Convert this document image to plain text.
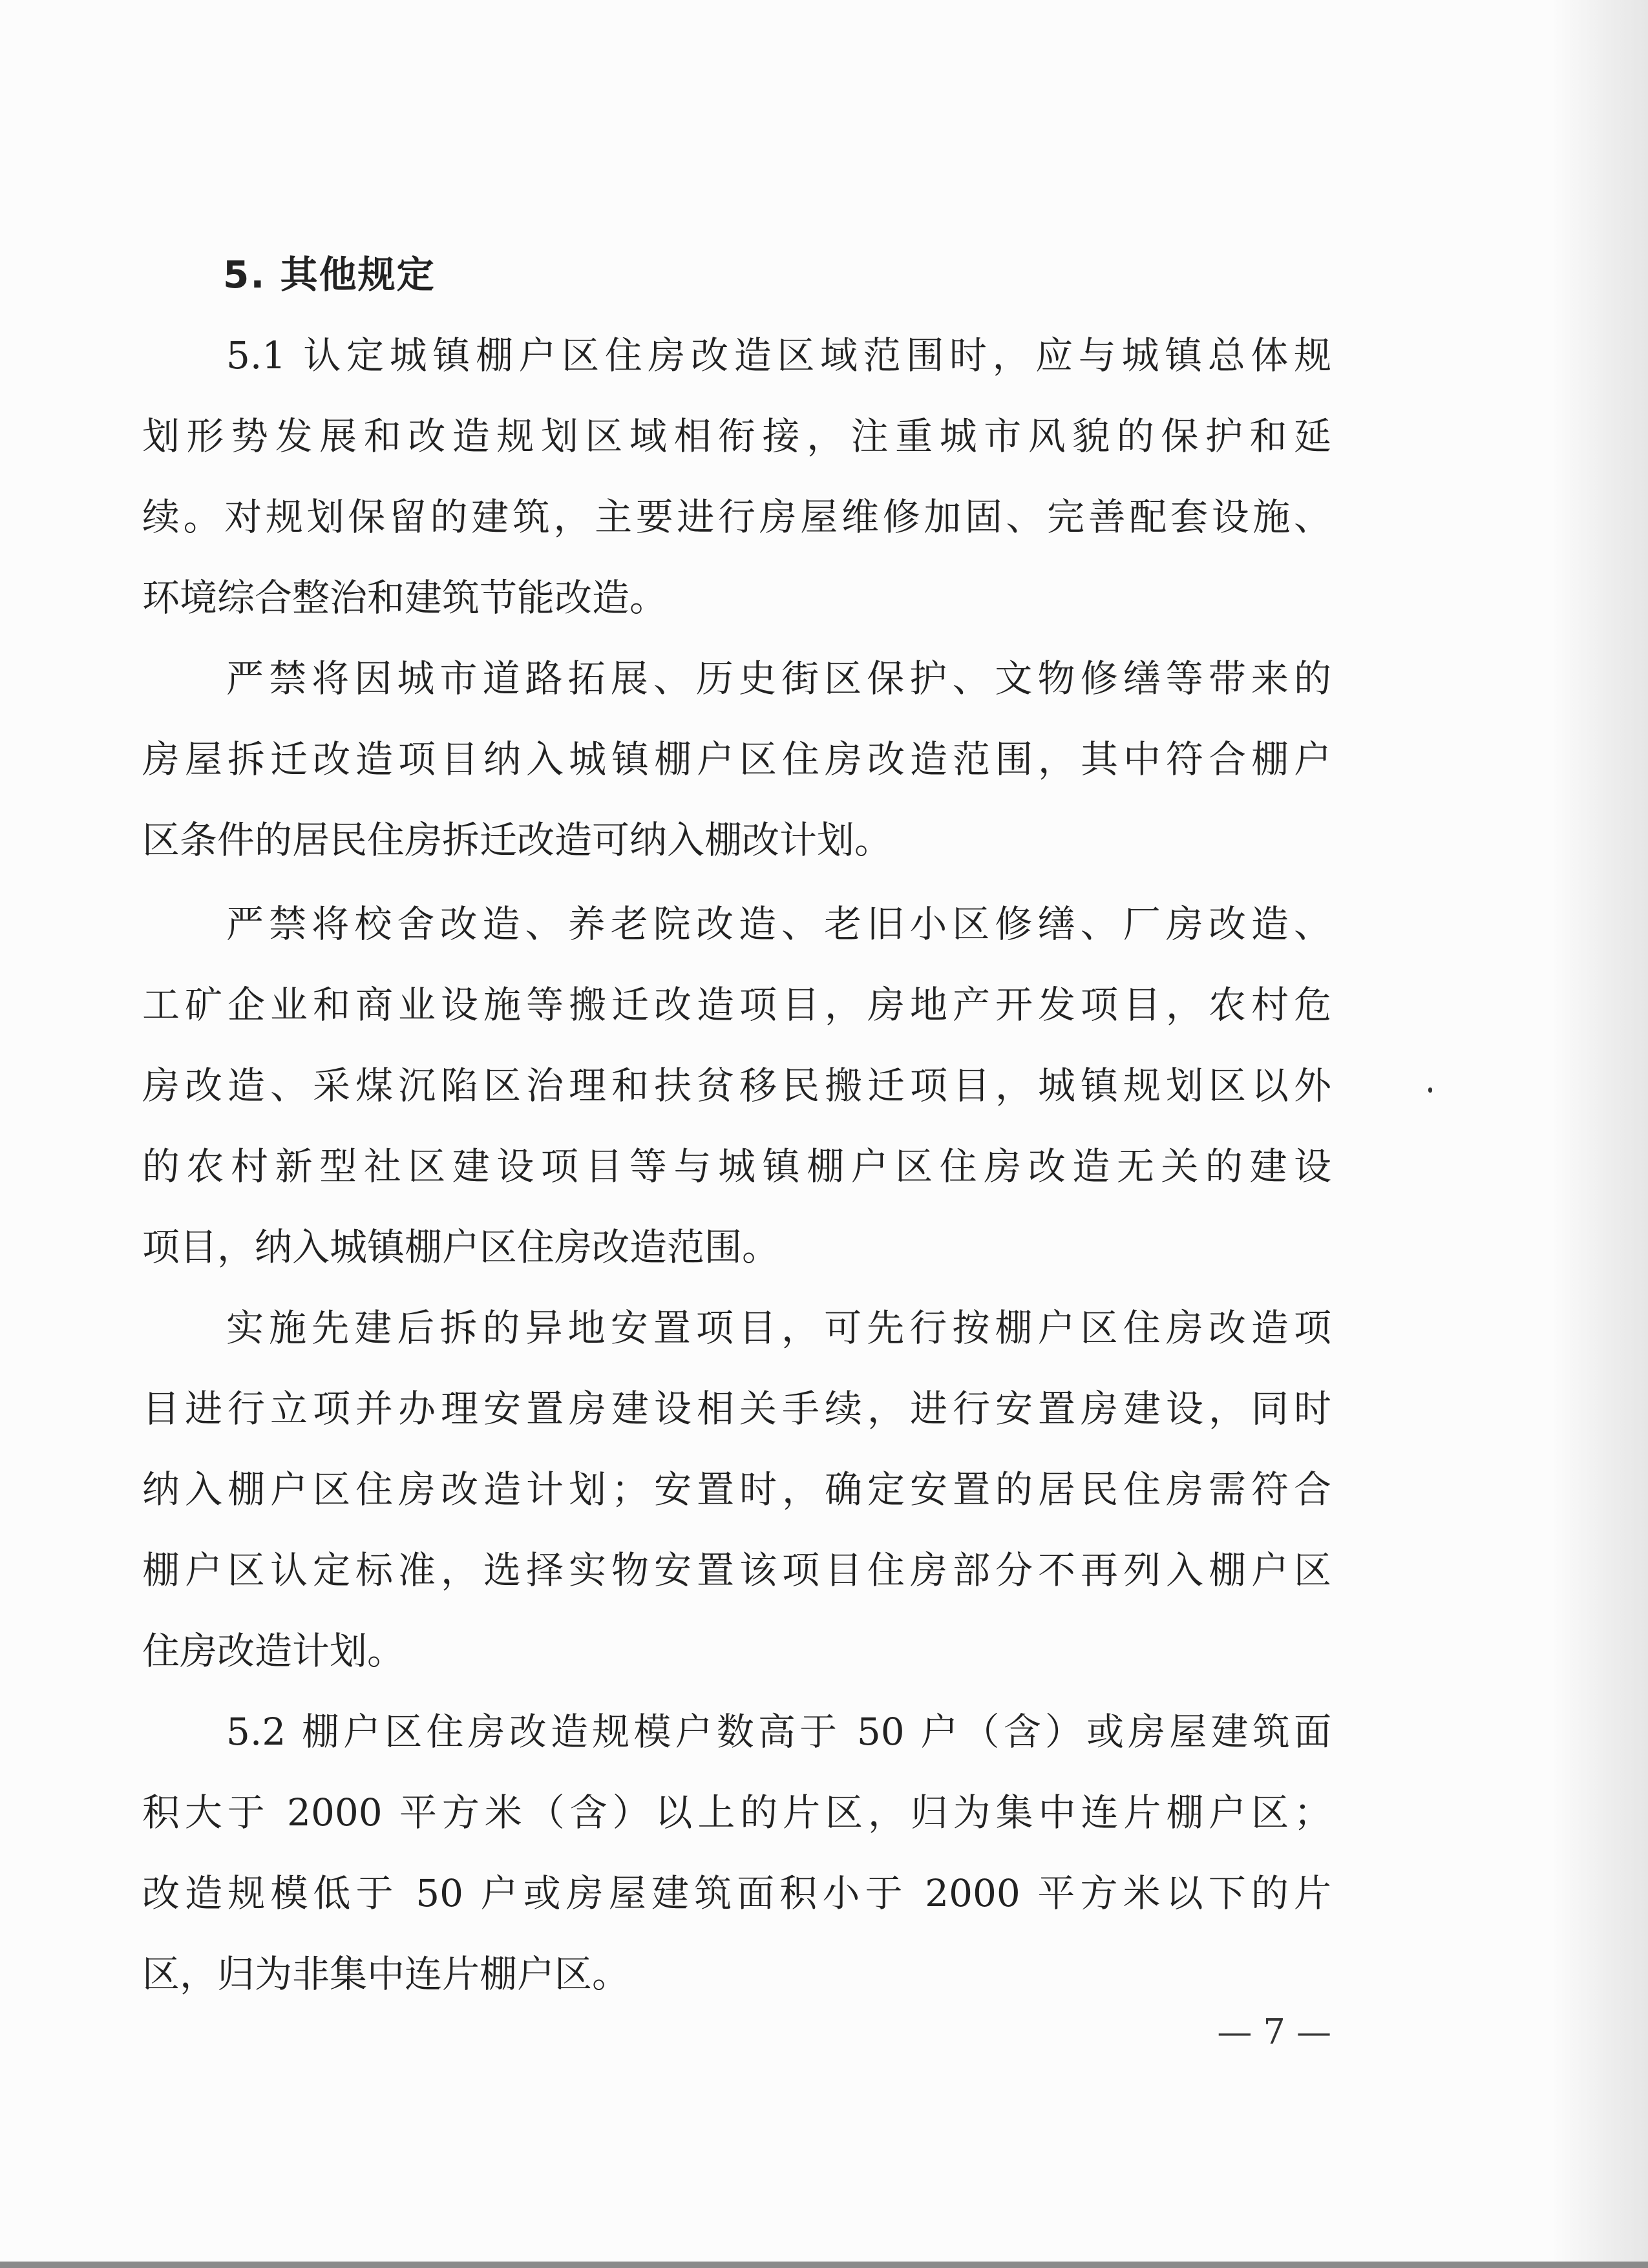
5. 其他规定
5.1 认定城镇棚户区住房改造区域范围时，应与城镇总体规
划形势发展和改造规划区域相衔接，注重城市风貌的保护和延
续。对规划保留的建筑，主要进行房屋维修加固、完善配套设施、
环境综合整治和建筑节能改造。
严禁将因城市道路拓展、历史街区保护、文物修缮等带来的
房屋拆迁改造项目纳入城镇棚户区住房改造范围，其中符合棚户
区条件的居民住房拆迁改造可纳入棚改计划。
严禁将校舍改造、养老院改造、老旧小区修缮、厂房改造、
工矿企业和商业设施等搬迁改造项目，房地产开发项目，农村危
房改造、采煤沉陷区治理和扶贫移民搬迁项目，城镇规划区以外
的农村新型社区建设项目等与城镇棚户区住房改造无关的建设
项目，纳入城镇棚户区住房改造范围。
实施先建后拆的异地安置项目，可先行按棚户区住房改造项
目进行立项并办理安置房建设相关手续，进行安置房建设，同时
纳入棚户区住房改造计划；安置时，确定安置的居民住房需符合
棚户区认定标准，选择实物安置该项目住房部分不再列入棚户区
住房改造计划。
5.2 棚户区住房改造规模户数高于 50 户（含）或房屋建筑面
积大于 2000 平方米（含）以上的片区，归为集中连片棚户区；
改造规模低于 50 户或房屋建筑面积小于 2000 平方米以下的片
区，归为非集中连片棚户区。
— 7 —
